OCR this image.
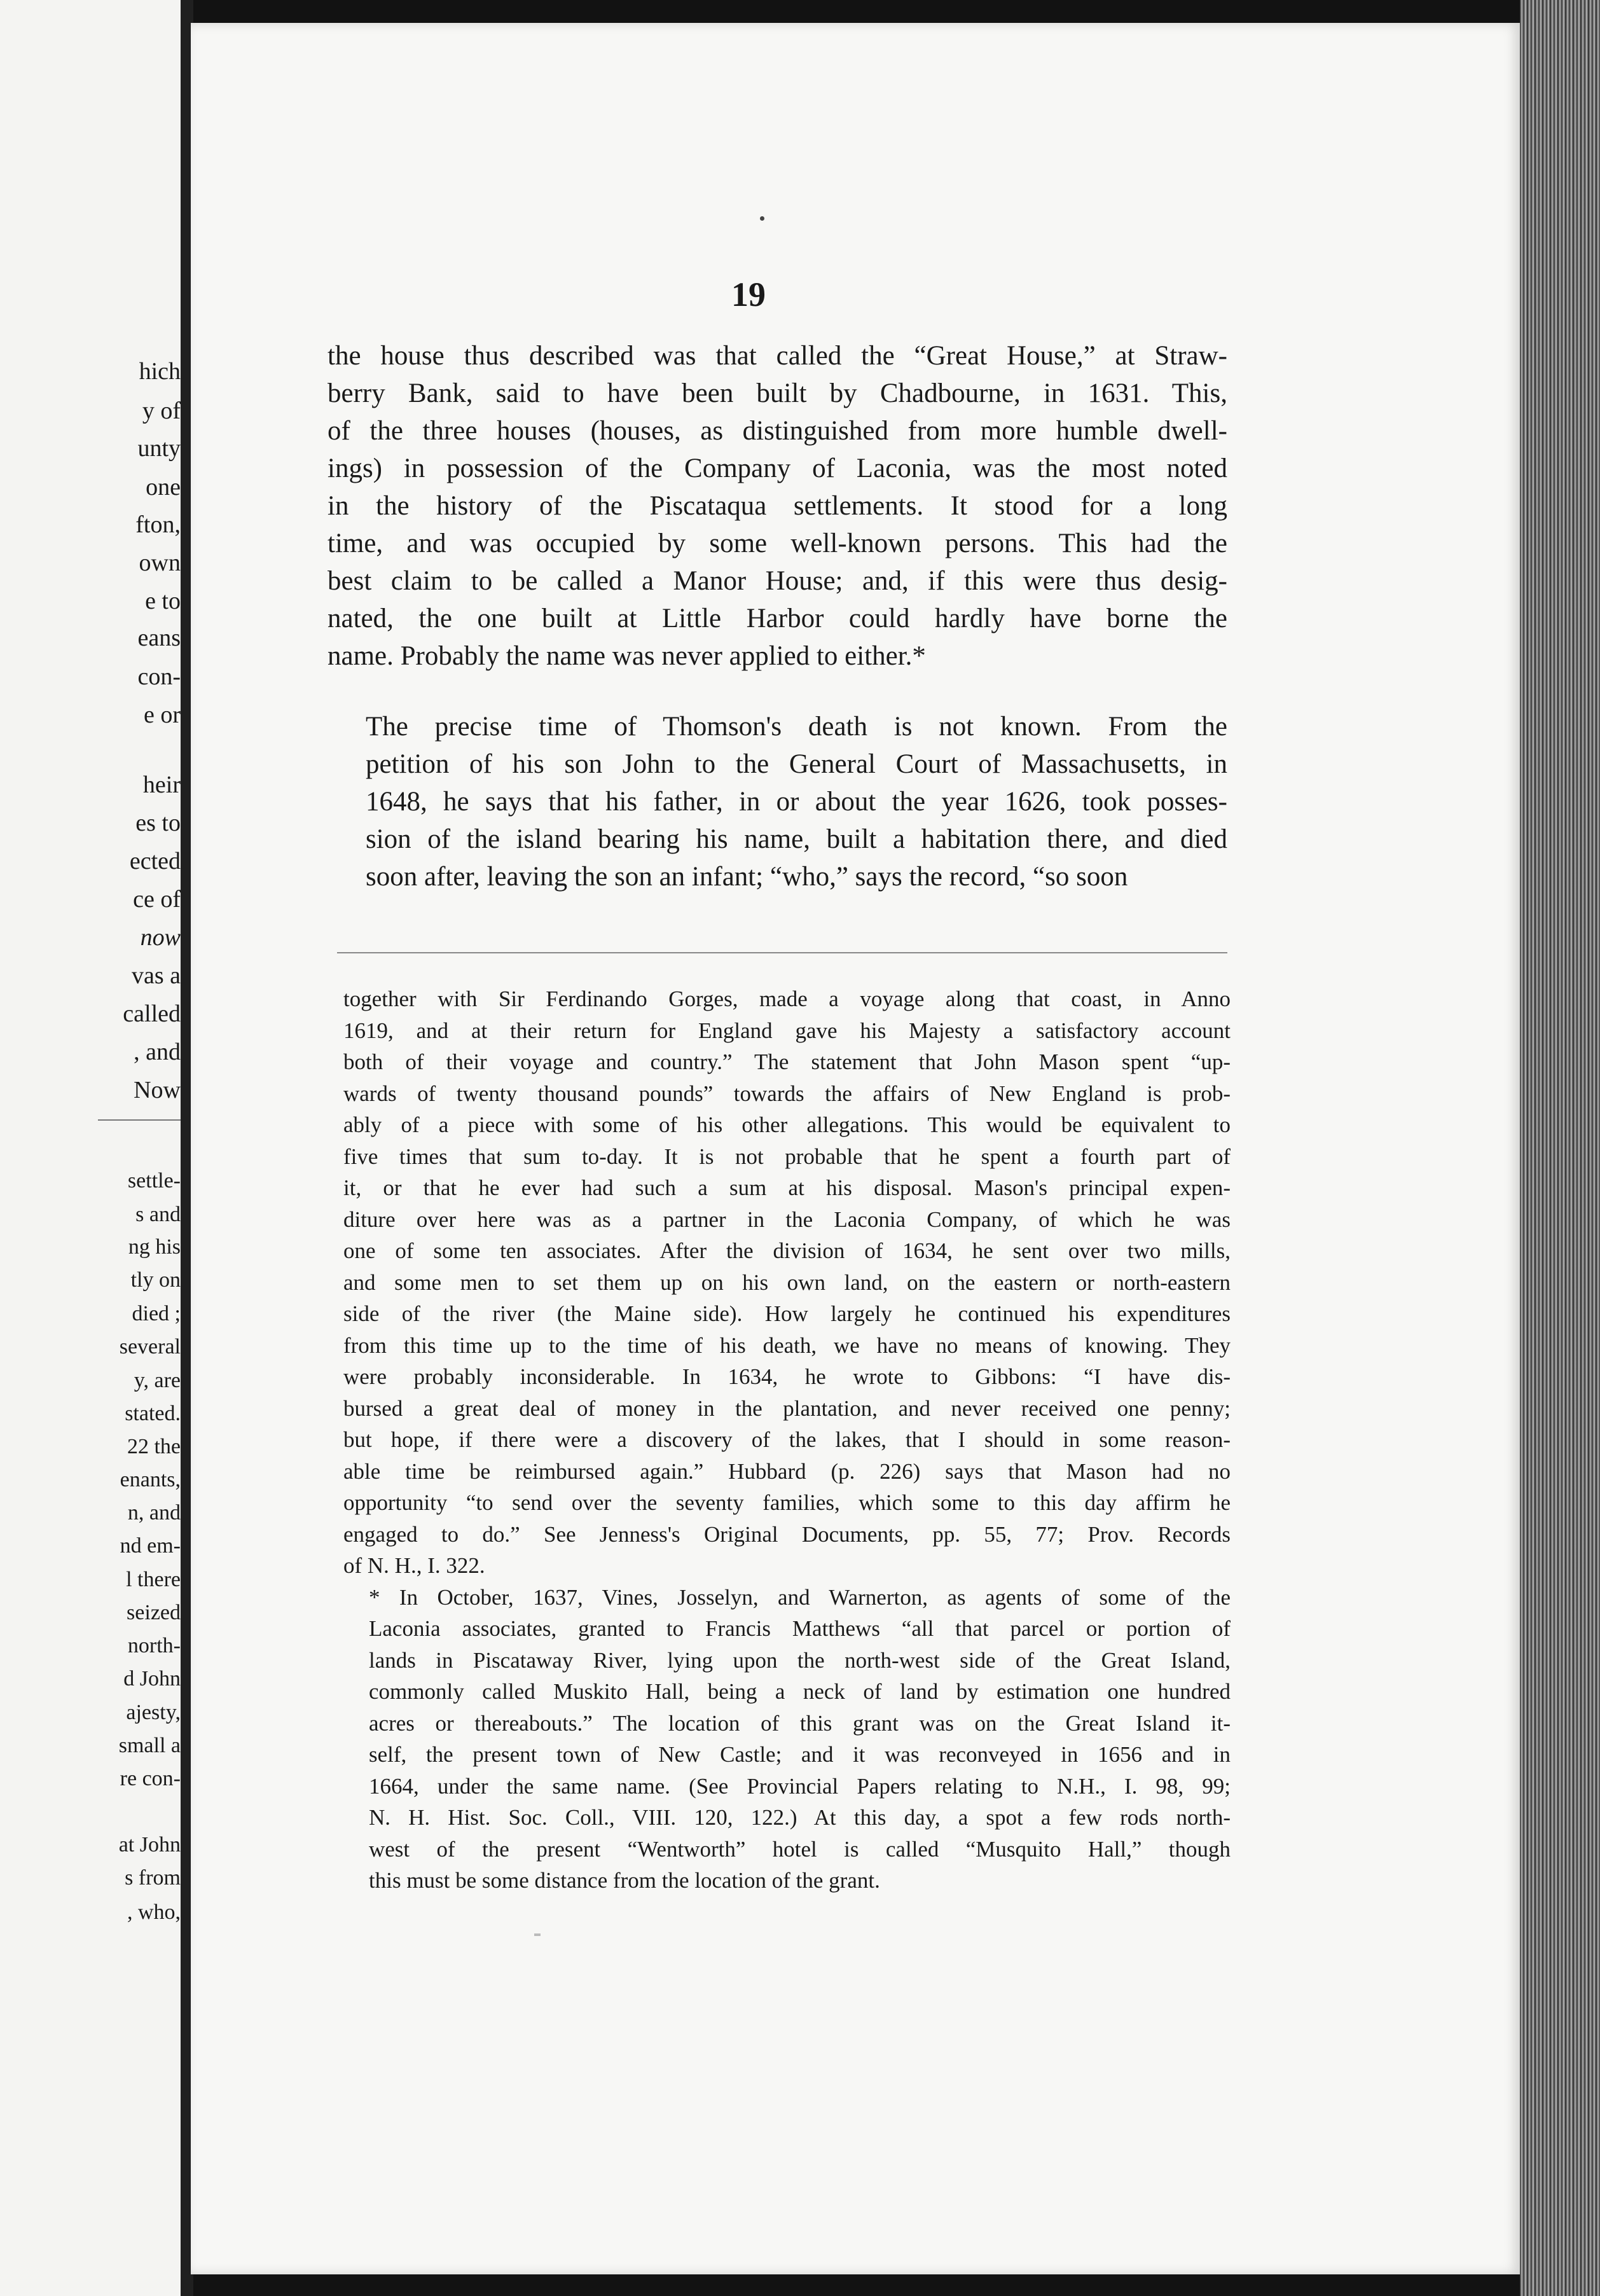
hich
y of
unty
one
fton,
own
e to
eans
con-
e or
heir
es to
ected
ce of
now
vas a
called
, and
Now
settle-
s and
ng his
tly on
died ;
several
y, are
stated.
22 the
enants,
n, and
nd em-
l there
seized
north-
d John
ajesty,
small a
re con-
at John
s from
, who,
19

the house thus described was that called the “Great House,” at Straw-
berry Bank, said to have been built by Chadbourne, in 1631. This,
of the three houses (houses, as distinguished from more humble dwell-
ings) in possession of the Company of Laconia, was the most noted
in the history of the Piscataqua settlements. It stood for a long
time, and was occupied by some well-known persons. This had the
best claim to be called a Manor House; and, if this were thus desig-
nated, the one built at Little Harbor could hardly have borne the
name. Probably the name was never applied to either.*

The precise time of Thomson's death is not known. From the
petition of his son John to the General Court of Massachusetts, in
1648, he says that his father, in or about the year 1626, took posses-
sion of the island bearing his name, built a habitation there, and died
soon after, leaving the son an infant; “who,” says the record, “so soon

together with Sir Ferdinando Gorges, made a voyage along that coast, in Anno
1619, and at their return for England gave his Majesty a satisfactory account
both of their voyage and country.” The statement that John Mason spent “up-
wards of twenty thousand pounds” towards the affairs of New England is prob-
ably of a piece with some of his other allegations. This would be equivalent to
five times that sum to-day. It is not probable that he spent a fourth part of
it, or that he ever had such a sum at his disposal. Mason's principal expen-
diture over here was as a partner in the Laconia Company, of which he was
one of some ten associates. After the division of 1634, he sent over two mills,
and some men to set them up on his own land, on the eastern or north-eastern
side of the river (the Maine side). How largely he continued his expenditures
from this time up to the time of his death, we have no means of knowing. They
were probably inconsiderable. In 1634, he wrote to Gibbons: “I have dis-
bursed a great deal of money in the plantation, and never received one penny;
but hope, if there were a discovery of the lakes, that I should in some reason-
able time be reimbursed again.” Hubbard (p. 226) says that Mason had no
opportunity “to send over the seventy families, which some to this day affirm he
engaged to do.” See Jenness's Original Documents, pp. 55, 77; Prov. Records
of N. H., I. 322.
* In October, 1637, Vines, Josselyn, and Warnerton, as agents of some of the
Laconia associates, granted to Francis Matthews “all that parcel or portion of
lands in Piscataway River, lying upon the north-west side of the Great Island,
commonly called Muskito Hall, being a neck of land by estimation one hundred
acres or thereabouts.” The location of this grant was on the Great Island it-
self, the present town of New Castle; and it was reconveyed in 1656 and in
1664, under the same name. (See Provincial Papers relating to N.H., I. 98, 99;
N. H. Hist. Soc. Coll., VIII. 120, 122.) At this day, a spot a few rods north-
west of the present “Wentworth” hotel is called “Musquito Hall,” though
this must be some distance from the location of the grant.
